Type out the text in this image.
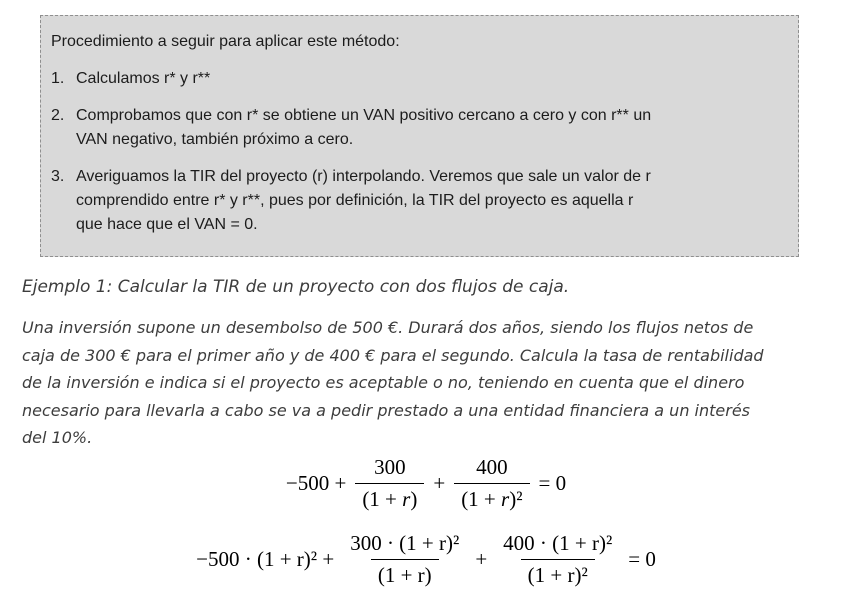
Procedimiento a seguir para aplicar este método:
1. Calculamos r* y r**
2. Comprobamos que con r* se obtiene un VAN positivo cercano a cero y con r** un
VAN negativo, también próximo a cero.
3. Averiguamos la TIR del proyecto (r) interpolando. Veremos que sale un valor de r
comprendido entre r* y r**, pues por definición, la TIR del proyecto es aquella r
que hace que el VAN = 0.
Ejemplo 1: Calcular la TIR de un proyecto con dos flujos de caja.
Una inversión supone un desembolso de 500 €. Durará dos años, siendo los flujos netos de
caja de 300 € para el primer año y de 400 € para el segundo. Calcula la tasa de rentabilidad
de la inversión e indica si el proyecto es aceptable o no, teniendo en cuenta que el dinero
necesario para llevarla a cabo se va a pedir prestado a una entidad financiera a un interés
del 10%.
$-500 + \frac{300}{(1 + r)} + \frac{400}{\text{(1 + r)²}} = 0$
$-500 \cdot (1 + r)^2 + \frac{\text{300 · (1 + r)²}}{(1 + r)} + \frac{\text{400 · (1 + r)²}}{\text{(1 + r)²}} = 0$
